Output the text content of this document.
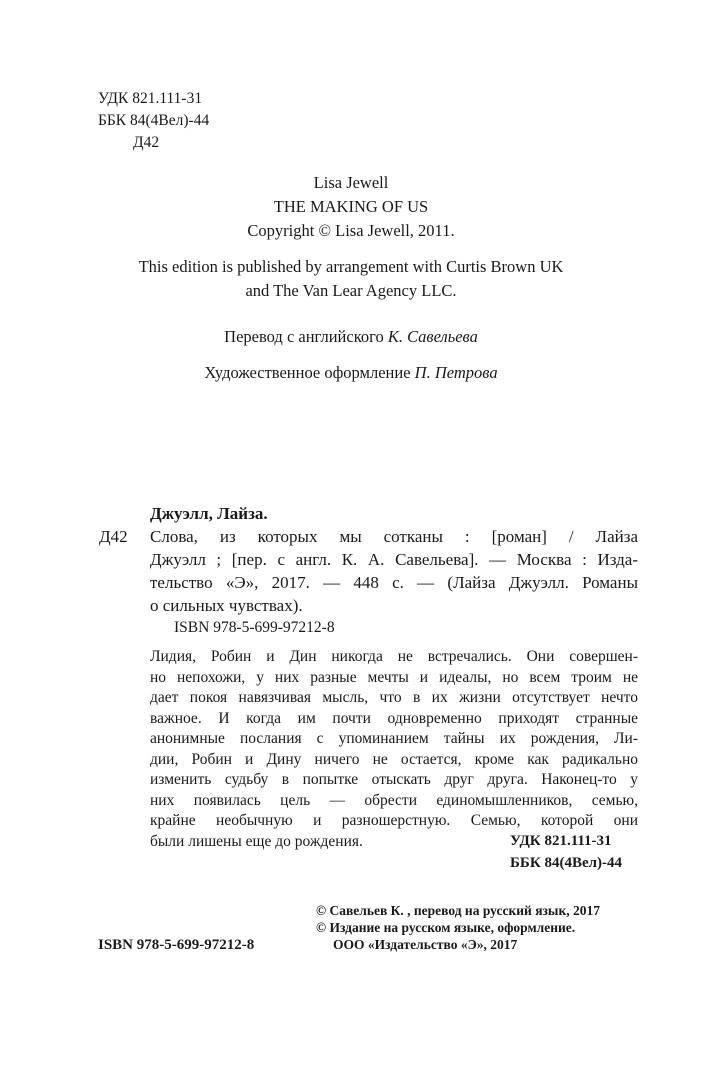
УДК 821.111-31
ББК 84(4Вел)-44
Д42
Lisa Jewell
THE MAKING OF US
Copyright © Lisa Jewell, 2011.
This edition is published by arrangement with Curtis Brown UK
and The Van Lear Agency LLC.
Перевод с английского К. Савельева
Художественное оформление П. Петрова
Джуэлл, Лайза.
Д42 Слова, из которых мы сотканы : [роман] / Лайза
Джуэлл ; [пер. с англ. К. А. Савельева]. — Москва : Изда-
тельство «Э», 2017. — 448 с. — (Лайза Джуэлл. Романы
о сильных чувствах).
ISBN 978-5-699-97212-8
Лидия, Робин и Дин никогда не встречались. Они совершен-
но непохожи, у них разные мечты и идеалы, но всем троим не
дает покоя навязчивая мысль, что в их жизни отсутствует нечто
важное. И когда им почти одновременно приходят странные
анонимные послания с упоминанием тайны их рождения, Ли-
дии, Робин и Дину ничего не остается, кроме как радикально
изменить судьбу в попытке отыскать друг друга. Наконец-то у
них появилась цель — обрести единомышленников, семью,
крайне необычную и разношерстную. Семью, которой они
были лишены еще до рождения.	УДК 821.111-31
ББК 84(4Вел)-44
ISBN 978-5-699-97212-8
© Савельев К. , перевод на русский язык, 2017
© Издание на русском языке, оформление.
ООО «Издательство «Э», 2017
